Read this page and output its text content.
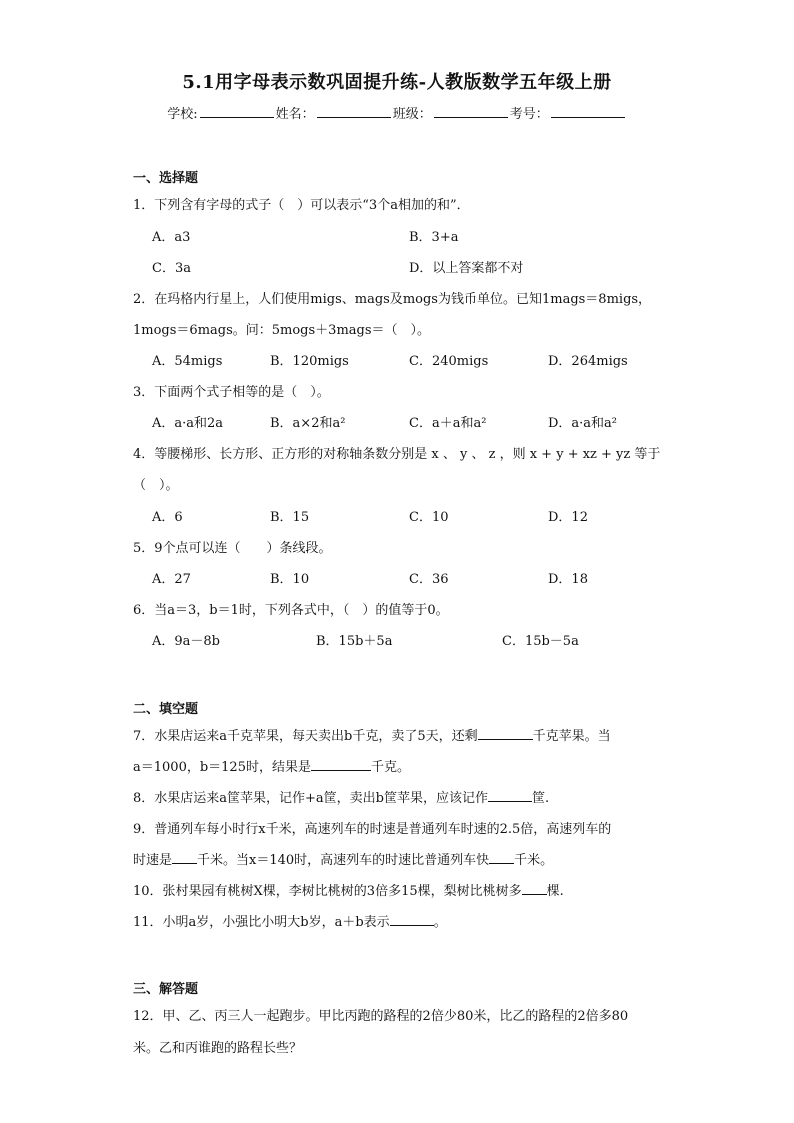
5.1用字母表示数巩固提升练-人教版数学五年级上册
学校:	姓名：	班级：	考号：
一、选择题
1．下列含有字母的式子（　）可以表示“3个a相加的和”．
A．a3	B．3+a
C．3a	D．以上答案都不对
2．在玛格内行星上，人们使用migs、mags及mogs为钱币单位。已知1mags＝8migs，
1mogs＝6mags。问：5mogs＋3mags＝（　）。
A．54migs	B．120migs	C．240migs	D．264migs
3．下面两个式子相等的是（　）。
A．a·a和2a	B．a×2和a²	C．a＋a和a²	D．a·a和a²
4．等腰梯形、长方形、正方形的对称轴条数分别是 x 、 y 、 z ，则 x + y + xz + yz 等于
（　）。
A．6	B．15	C．10	D．12
5．9个点可以连（　　）条线段。
A．27	B．10	C．36	D．18
6．当a＝3，b＝1时，下列各式中，（　）的值等于0。
A．9a－8b	B．15b＋5a	C．15b－5a
二、填空题
7．水果店运来a千克苹果，每天卖出b千克，卖了5天，还剩	千克苹果。当
a＝1000，b＝125时，结果是	千克。
8．水果店运来a筐苹果，记作+a筐，卖出b筐苹果，应该记作	筐.
9．普通列车每小时行x千米，高速列车的时速是普通列车时速的2.5倍，高速列车的
时速是 千米。当x＝140时，高速列车的时速比普通列车快 千米。
10．张村果园有桃树X棵，李树比桃树的3倍多15棵，梨树比桃树多 棵.
11．小明a岁，小强比小明大b岁，a＋b表示	。
三、解答题
12．甲、乙、丙三人一起跑步。甲比丙跑的路程的2倍少80米，比乙的路程的2倍多80
米。乙和丙谁跑的路程长些？
